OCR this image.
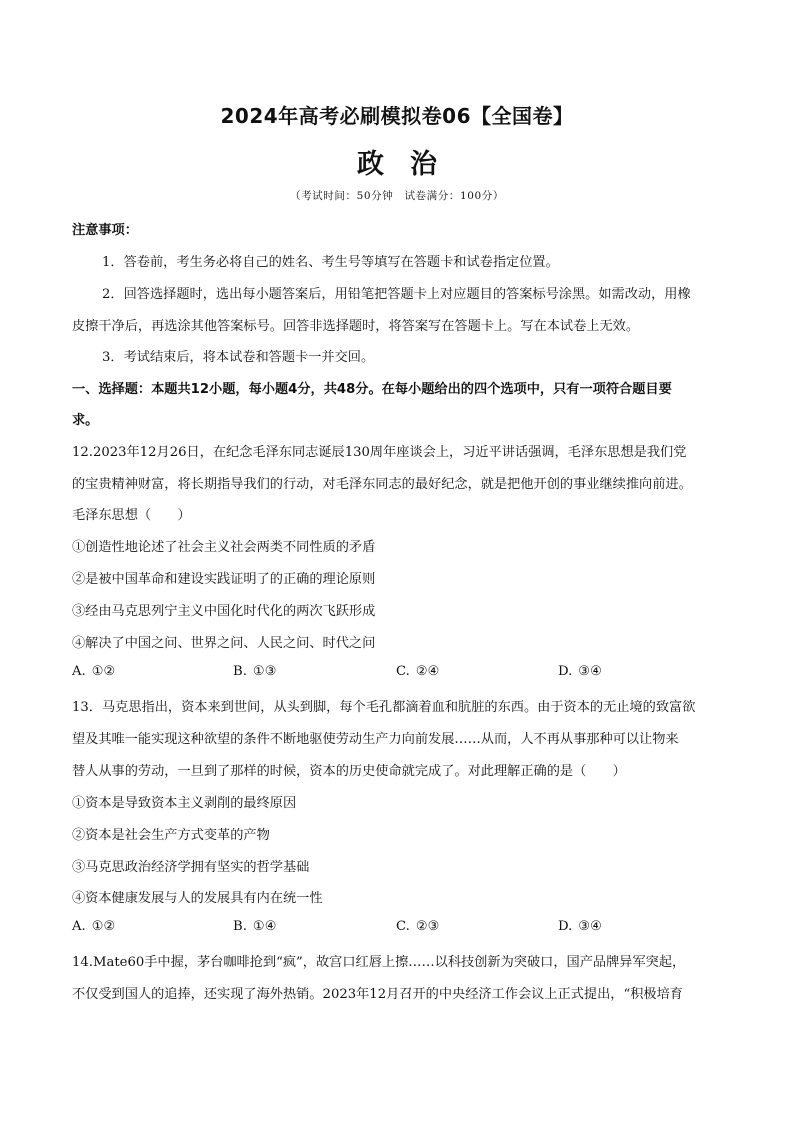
2024年高考必刷模拟卷06【全国卷】
政治
（考试时间：50分钟　试卷满分：100分）
注意事项：
1．答卷前，考生务必将自己的姓名、考生号等填写在答题卡和试卷指定位置。
2．回答选择题时，选出每小题答案后，用铅笔把答题卡上对应题目的答案标号涂黑。如需改动，用橡
皮擦干净后，再选涂其他答案标号。回答非选择题时，将答案写在答题卡上。写在本试卷上无效。
3．考试结束后，将本试卷和答题卡一并交回。
一、选择题：本题共12小题，每小题4分，共48分。在每小题给出的四个选项中，只有一项符合题目要
求。
12.2023年12月26日，在纪念毛泽东同志诞辰130周年座谈会上，习近平讲话强调，毛泽东思想是我们党
的宝贵精神财富，将长期指导我们的行动，对毛泽东同志的最好纪念，就是把他开创的事业继续推向前进。
毛泽东思想（　　）
①创造性地论述了社会主义社会两类不同性质的矛盾
②是被中国革命和建设实践证明了的正确的理论原则
③经由马克思列宁主义中国化时代化的两次飞跃形成
④解决了中国之问、世界之问、人民之问、时代之问
A. ①②	B. ①③	C. ②④	D. ③④
13．马克思指出，资本来到世间，从头到脚，每个毛孔都滴着血和肮脏的东西。由于资本的无止境的致富欲
望及其唯一能实现这种欲望的条件不断地驱使劳动生产力向前发展……从而，人不再从事那种可以让物来
替人从事的劳动，一旦到了那样的时候，资本的历史使命就完成了。对此理解正确的是（　　）
①资本是导致资本主义剥削的最终原因
②资本是社会生产方式变革的产物
③马克思政治经济学拥有坚实的哲学基础
④资本健康发展与人的发展具有内在统一性
A. ①②	B. ①④	C. ②③	D. ③④
14.Mate60手中握，茅台咖啡抢到“疯”，故宫口红唇上擦……以科技创新为突破口，国产品牌异军突起，
不仅受到国人的追捧，还实现了海外热销。2023年12月召开的中央经济工作会议上正式提出，“积极培育
